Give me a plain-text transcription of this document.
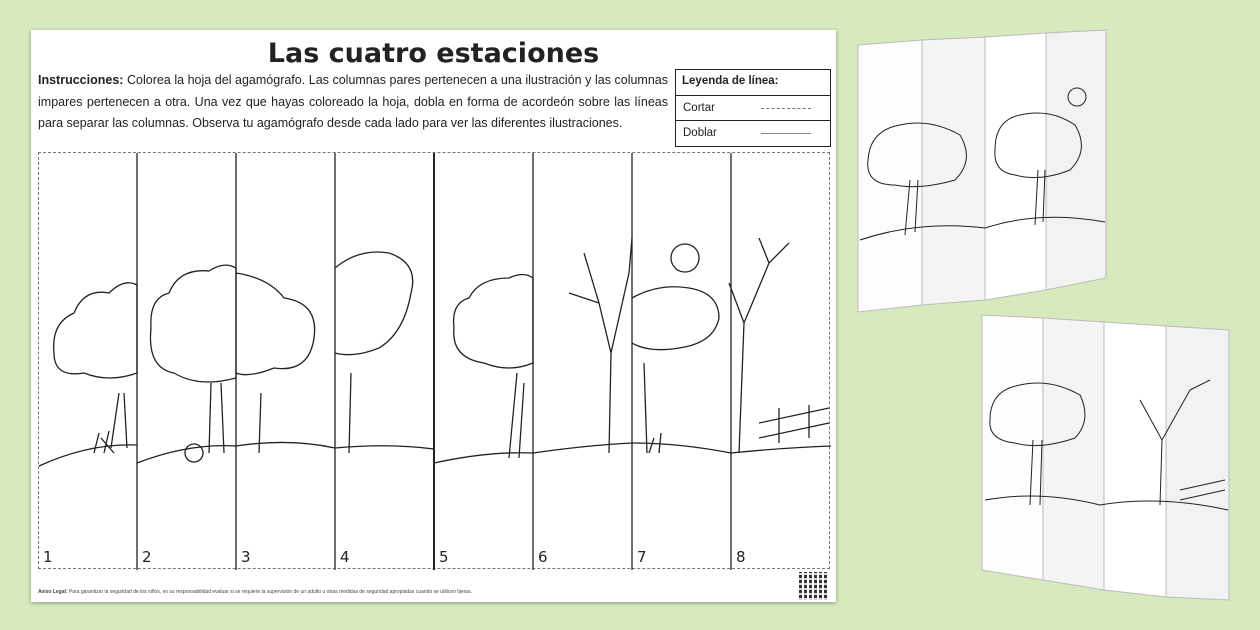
Las cuatro estaciones
Instrucciones: Colorea la hoja del agamógrafo. Las columnas pares pertenecen a una ilustración y las columnas impares pertenecen a otra. Una vez que hayas coloreado la hoja, dobla en forma de acordeón sobre las líneas para separar las columnas. Observa tu agamógrafo desde cada lado para ver las diferentes ilustraciones.
Leyenda de línea:
Cortar
Doblar
1	2	3	4	5	6	7	8
Aviso Legal: Para garantizar la seguridad de los niños, es su responsabilidad evaluar si se requiere la supervisión de un adulto u otras medidas de seguridad apropiadas cuando se utilicen tijeras.
